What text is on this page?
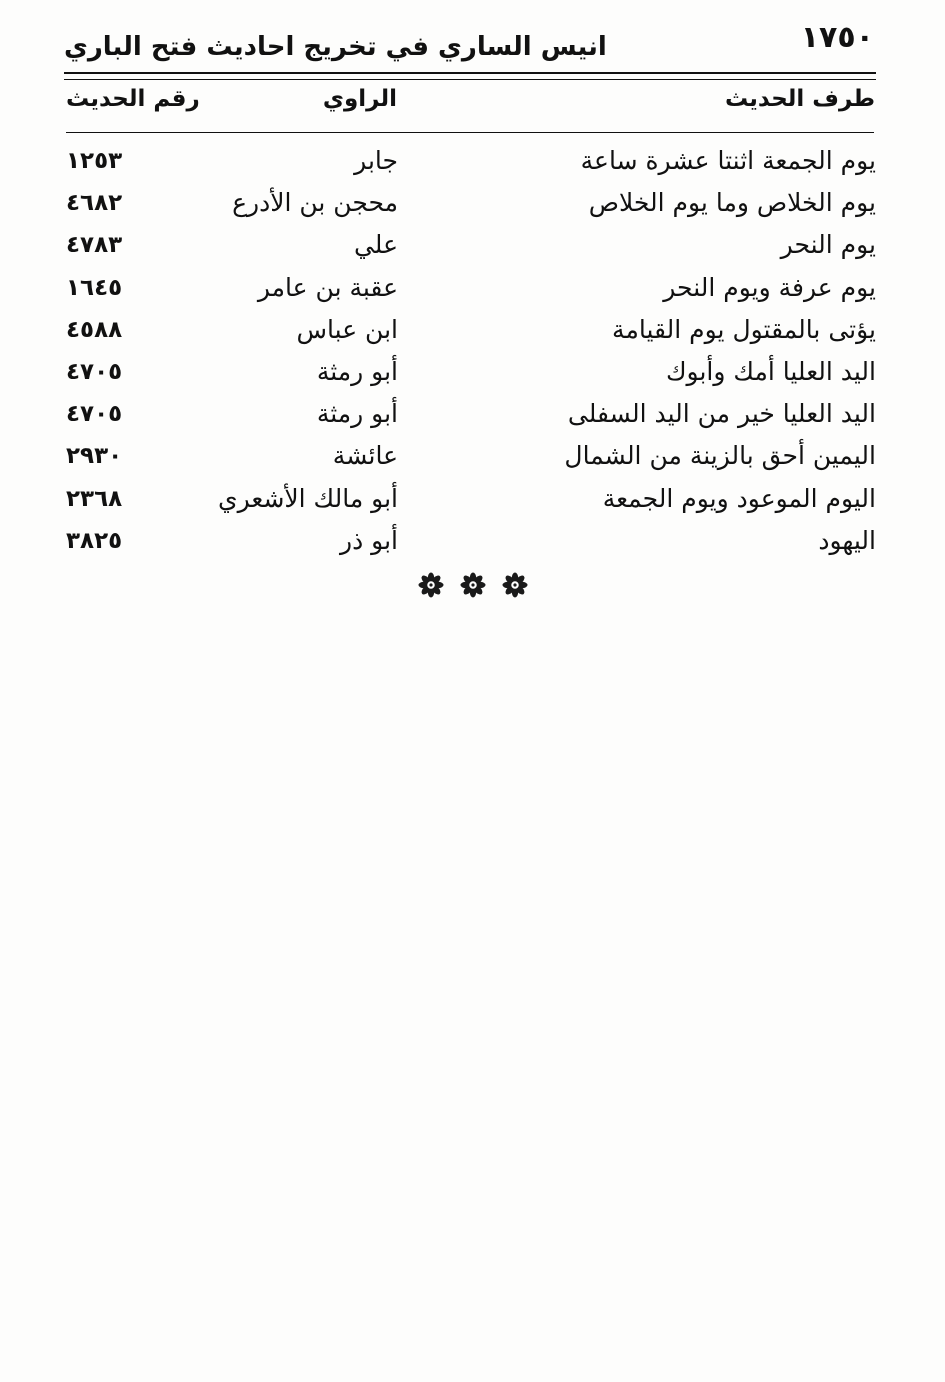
١٧٥٠
انيس الساري في تخريج احاديث فتح الباري
طرف الحديث
الراوي
رقم الحديث
يوم الجمعة اثنتا عشرة ساعة
جابر
١٢٥٣
يوم الخلاص وما يوم الخلاص
محجن بن الأدرع
٤٦٨٢
يوم النحر
علي
٤٧٨٣
يوم عرفة ويوم النحر
عقبة بن عامر
١٦٤٥
يؤتى بالمقتول يوم القيامة
ابن عباس
٤٥٨٨
اليد العليا أمك وأبوك
أبو رمثة
٤٧٠٥
اليد العليا خير من اليد السفلى
أبو رمثة
٤٧٠٥
اليمين أحق بالزينة من الشمال
عائشة
٢٩٣٠
اليوم الموعود ويوم الجمعة
أبو مالك الأشعري
٢٣٦٨
اليهود
أبو ذر
٣٨٢٥
